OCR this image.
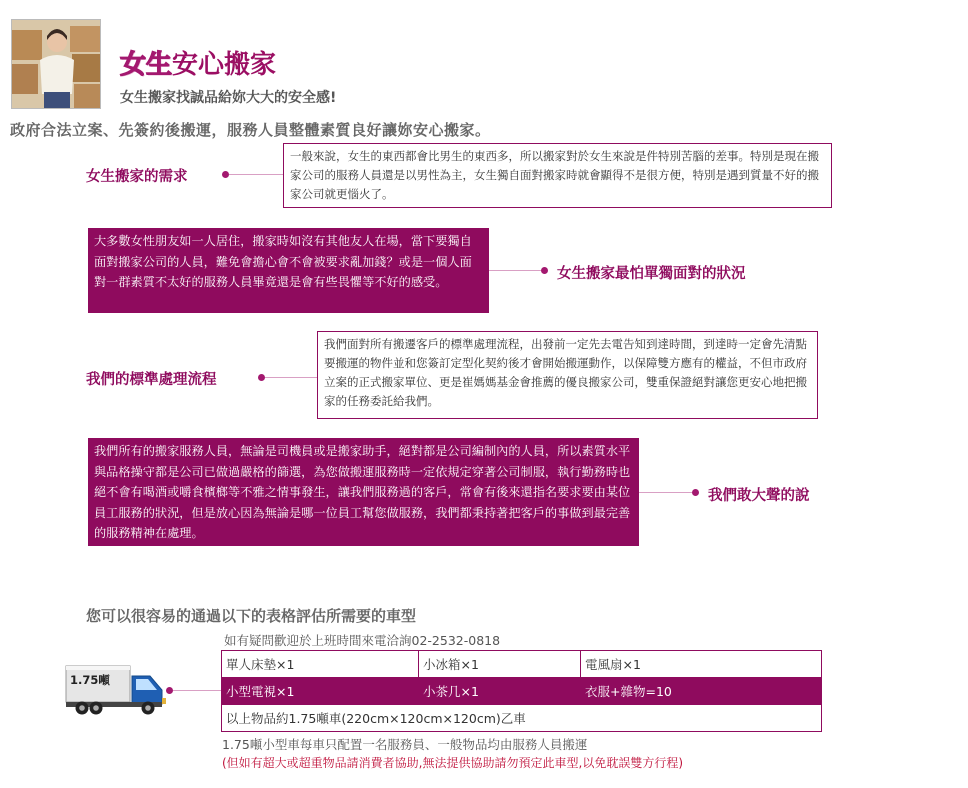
女生安心搬家
女生搬家找誠品給妳大大的安全感!
政府合法立案、先簽約後搬運，服務人員整體素質良好讓妳安心搬家。
女生搬家的需求
一般來說，女生的東西都會比男生的東西多，所以搬家對於女生來說是件特別苦腦的差事。特別是現在搬家公司的服務人員還是以男性為主，女生獨自面對搬家時就會顯得不是很方便，特別是遇到質量不好的搬家公司就更惱火了。
大多數女性朋友如一人居住，搬家時如沒有其他友人在場，當下要獨自面對搬家公司的人員，難免會擔心會不會被要求亂加錢？或是一個人面對一群素質不太好的服務人員畢竟還是會有些畏懼等不好的感受。	女生搬家最怕單獨面對的狀況
我們的標準處理流程
我們面對所有搬遷客戶的標準處理流程，出發前一定先去電告知到達時間，到達時一定會先清點要搬運的物件並和您簽訂定型化契約後才會開始搬運動作，以保障雙方應有的權益，不但市政府立案的正式搬家單位、更是崔媽媽基金會推薦的優良搬家公司，雙重保證絕對讓您更安心地把搬家的任務委託給我們。
我們所有的搬家服務人員，無論是司機員或是搬家助手，絕對都是公司編制內的人員，所以素質水平與品格操守都是公司已做過嚴格的篩選，為您做搬運服務時一定依規定穿著公司制服，執行勤務時也絕不會有喝酒或嚼食檳榔等不雅之情事發生，讓我們服務過的客戶，常會有後來還指名要求要由某位員工服務的狀況，但是放心因為無論是哪一位員工幫您做服務，我們都秉持著把客戶的事做到最完善的服務精神在處理。
我們敢大聲的說
您可以很容易的通過以下的表格評估所需要的車型
如有疑問歡迎於上班時間來電洽詢02-2532-0818
1.75噸
單人床墊×1	小冰箱×1	電風扇×1
小型電視×1	小茶几×1	衣服+雜物=10
以上物品約1.75噸車(220cm×120cm×120cm)乙車		
1.75噸小型車每車只配置一名服務員、一般物品均由服務人員搬運
(但如有超大或超重物品請消費者協助,無法提供協助請勿預定此車型,以免耽誤雙方行程)
